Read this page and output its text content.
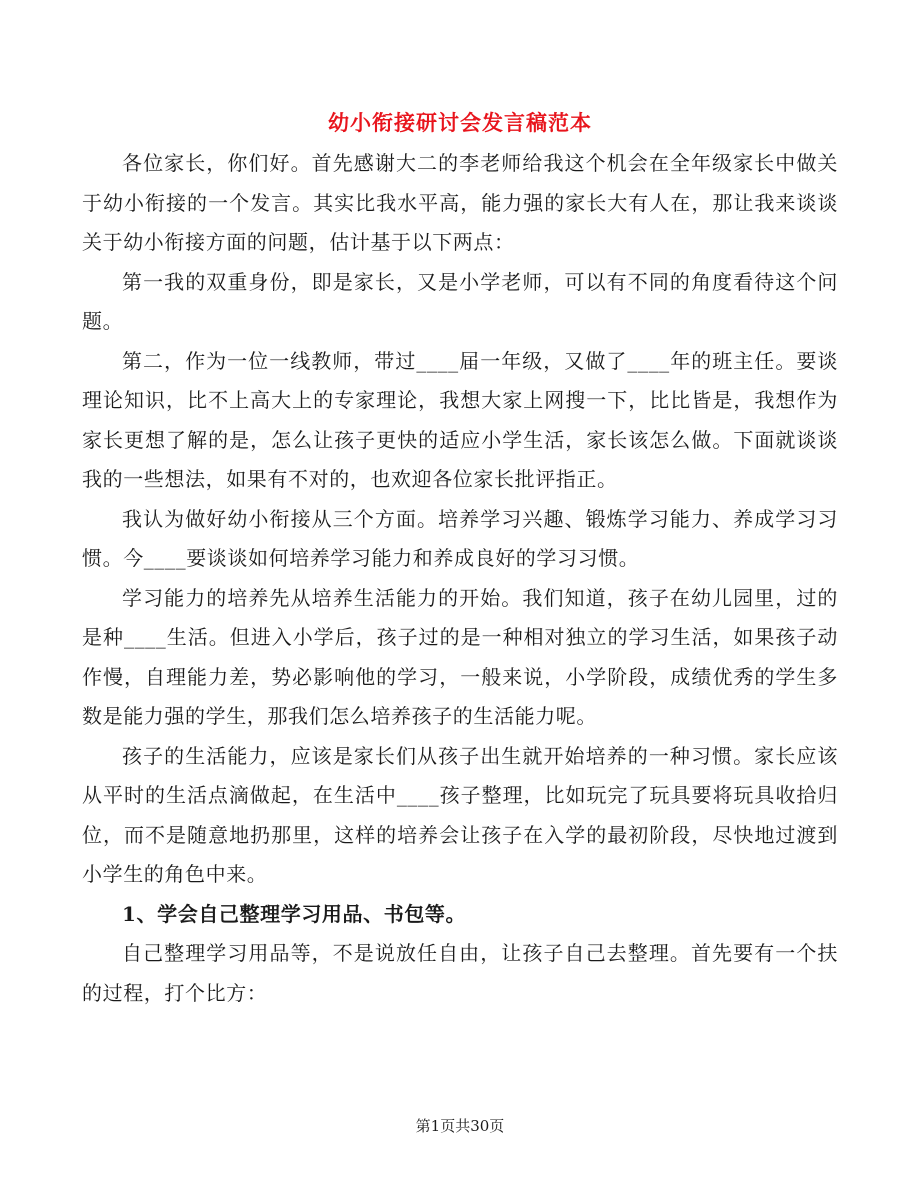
幼小衔接研讨会发言稿范本

各位家长，你们好。首先感谢大二的李老师给我这个机会在全年级家长中做关于幼小衔接的一个发言。其实比我水平高，能力强的家长大有人在，那让我来谈谈关于幼小衔接方面的问题，估计基于以下两点：

第一我的双重身份，即是家长，又是小学老师，可以有不同的角度看待这个问题。

第二，作为一位一线教师，带过____届一年级，又做了____年的班主任。要谈理论知识，比不上高大上的专家理论，我想大家上网搜一下，比比皆是，我想作为家长更想了解的是，怎么让孩子更快的适应小学生活，家长该怎么做。下面就谈谈我的一些想法，如果有不对的，也欢迎各位家长批评指正。

我认为做好幼小衔接从三个方面。培养学习兴趣、锻炼学习能力、养成学习习惯。今____要谈谈如何培养学习能力和养成良好的学习习惯。

学习能力的培养先从培养生活能力的开始。我们知道，孩子在幼儿园里，过的是种____生活。但进入小学后，孩子过的是一种相对独立的学习生活，如果孩子动作慢，自理能力差，势必影响他的学习，一般来说，小学阶段，成绩优秀的学生多数是能力强的学生，那我们怎么培养孩子的生活能力呢。

孩子的生活能力，应该是家长们从孩子出生就开始培养的一种习惯。家长应该从平时的生活点滴做起，在生活中____孩子整理，比如玩完了玩具要将玩具收拾归位，而不是随意地扔那里，这样的培养会让孩子在入学的最初阶段，尽快地过渡到小学生的角色中来。

1、学会自己整理学习用品、书包等。

自己整理学习用品等，不是说放任自由，让孩子自己去整理。首先要有一个扶的过程，打个比方：

第1页共30页
